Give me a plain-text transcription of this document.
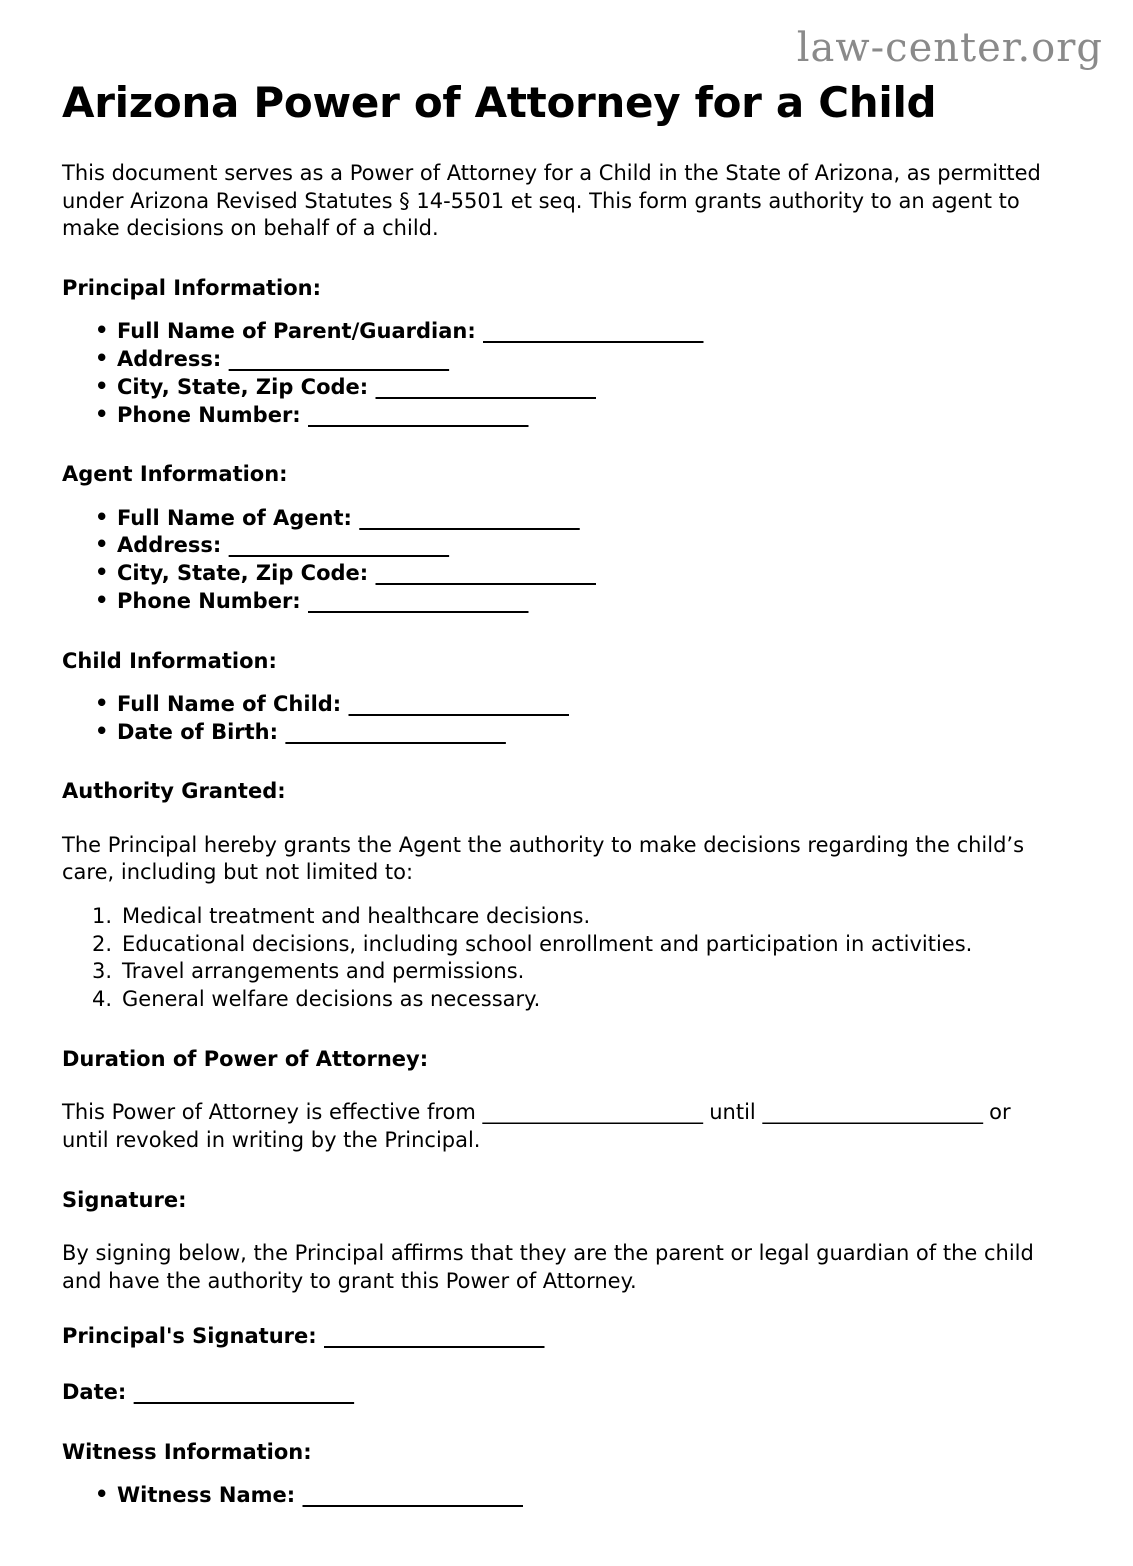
law-center.org
Arizona Power of Attorney for a Child

This document serves as a Power of Attorney for a Child in the State of Arizona, as permitted under Arizona Revised Statutes § 14-5501 et seq. This form grants authority to an agent to make decisions on behalf of a child.

Principal Information:
• Full Name of Parent/Guardian: ______________________
• Address: ______________________
• City, State, Zip Code: ______________________
• Phone Number: ______________________
Agent Information:
• Full Name of Agent: ______________________
• Address: ______________________
• City, State, Zip Code: ______________________
• Phone Number: ______________________
Child Information:
• Full Name of Child: ______________________
• Date of Birth: ______________________
Authority Granted:

The Principal hereby grants the Agent the authority to make decisions regarding the child’s care, including but not limited to:

Medical treatment and healthcare decisions.
Educational decisions, including school enrollment and participation in activities.
Travel arrangements and permissions.
General welfare decisions as necessary.
Duration of Power of Attorney:

This Power of Attorney is effective from ______________________ until ______________________ or until revoked in writing by the Principal.

Signature:

By signing below, the Principal affirms that they are the parent or legal guardian of the child and have the authority to grant this Power of Attorney.

Principal's Signature: ______________________

Date: ______________________

Witness Information:
• Witness Name: ______________________
